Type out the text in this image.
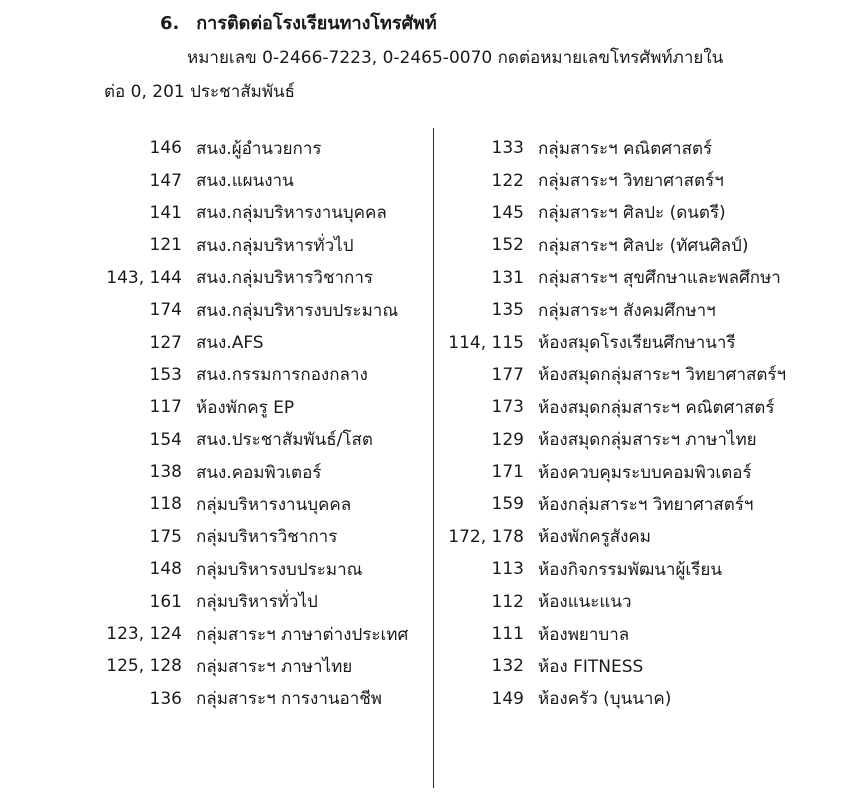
6. การติดต่อโรงเรียนทางโทรศัพท์
หมายเลข 0-2466-7223, 0-2465-0070 กดต่อหมายเลขโทรศัพท์ภายใน
ต่อ 0, 201 ประชาสัมพันธ์
146 สนง.ผู้อำนวยการ
147 สนง.แผนงาน
141 สนง.กลุ่มบริหารงานบุคคล
121 สนง.กลุ่มบริหารทั่วไป
143, 144 สนง.กลุ่มบริหารวิชาการ
174 สนง.กลุ่มบริหารงบประมาณ
127 สนง.AFS
153 สนง.กรรมการกองกลาง
117 ห้องพักครู EP
154 สนง.ประชาสัมพันธ์/โสต
138 สนง.คอมพิวเตอร์
118 กลุ่มบริหารงานบุคคล
175 กลุ่มบริหารวิชาการ
148 กลุ่มบริหารงบประมาณ
161 กลุ่มบริหารทั่วไป
123, 124 กลุ่มสาระฯ ภาษาต่างประเทศ
125, 128 กลุ่มสาระฯ ภาษาไทย
136 กลุ่มสาระฯ การงานอาชีพ
133 กลุ่มสาระฯ คณิตศาสตร์
122 กลุ่มสาระฯ วิทยาศาสตร์ฯ
145 กลุ่มสาระฯ ศิลปะ (ดนตรี)
152 กลุ่มสาระฯ ศิลปะ (ทัศนศิลป์)
131 กลุ่มสาระฯ สุขศึกษาและพลศึกษา
135 กลุ่มสาระฯ สังคมศึกษาฯ
114, 115 ห้องสมุดโรงเรียนศึกษานารี
177 ห้องสมุดกลุ่มสาระฯ วิทยาศาสตร์ฯ
173 ห้องสมุดกลุ่มสาระฯ คณิตศาสตร์
129 ห้องสมุดกลุ่มสาระฯ ภาษาไทย
171 ห้องควบคุมระบบคอมพิวเตอร์
159 ห้องกลุ่มสาระฯ วิทยาศาสตร์ฯ
172, 178 ห้องพักครูสังคม
113 ห้องกิจกรรมพัฒนาผู้เรียน
112 ห้องแนะแนว
111 ห้องพยาบาล
132 ห้อง FITNESS
149 ห้องครัว (บุนนาค)
